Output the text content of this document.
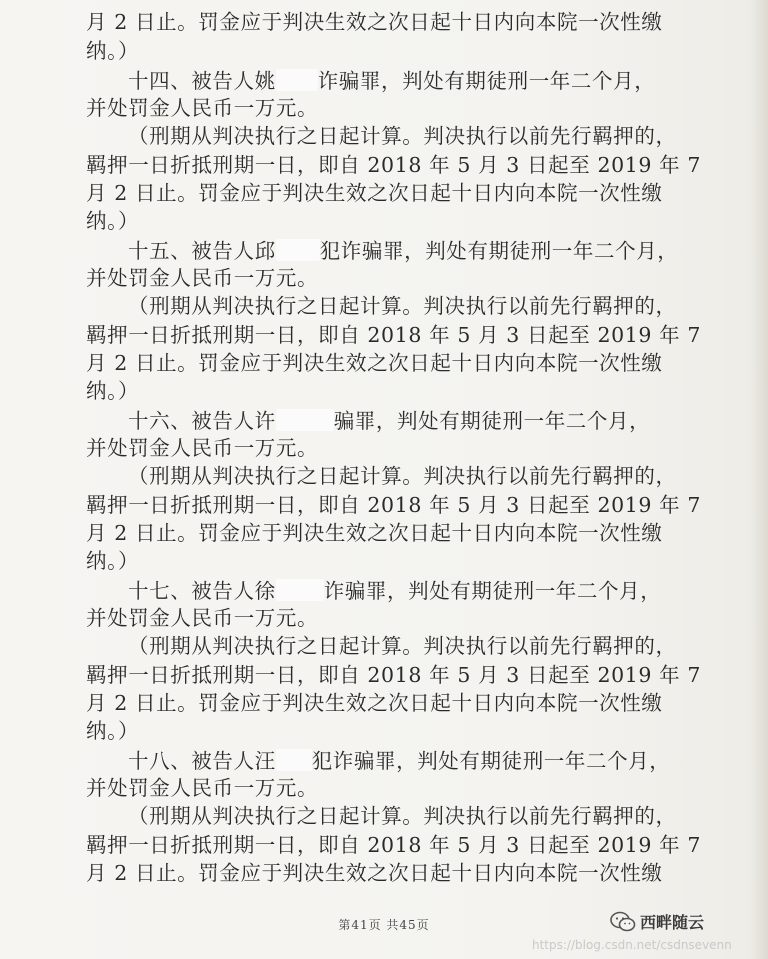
月 2 日止。罚金应于判决生效之次日起十日内向本院一次性缴
纳。）
十四、被告人姚 诈骗罪，判处有期徒刑一年二个月，
并处罚金人民币一万元。
（刑期从判决执行之日起计算。判决执行以前先行羁押的，
羁押一日折抵刑期一日，即自 2018 年 5 月 3 日起至 2019 年 7
月 2 日止。罚金应于判决生效之次日起十日内向本院一次性缴
纳。）
十五、被告人邱 犯诈骗罪，判处有期徒刑一年二个月，
并处罚金人民币一万元。
（刑期从判决执行之日起计算。判决执行以前先行羁押的，
羁押一日折抵刑期一日，即自 2018 年 5 月 3 日起至 2019 年 7
月 2 日止。罚金应于判决生效之次日起十日内向本院一次性缴
纳。）
十六、被告人许	骗罪，判处有期徒刑一年二个月，
并处罚金人民币一万元。
（刑期从判决执行之日起计算。判决执行以前先行羁押的，
羁押一日折抵刑期一日，即自 2018 年 5 月 3 日起至 2019 年 7
月 2 日止。罚金应于判决生效之次日起十日内向本院一次性缴
纳。）
十七、被告人徐 诈骗罪，判处有期徒刑一年二个月，
并处罚金人民币一万元。
（刑期从判决执行之日起计算。判决执行以前先行羁押的，
羁押一日折抵刑期一日，即自 2018 年 5 月 3 日起至 2019 年 7
月 2 日止。罚金应于判决生效之次日起十日内向本院一次性缴
纳。）
十八、被告人汪 犯诈骗罪，判处有期徒刑一年二个月，
并处罚金人民币一万元。
（刑期从判决执行之日起计算。判决执行以前先行羁押的，
羁押一日折抵刑期一日，即自 2018 年 5 月 3 日起至 2019 年 7
月 2 日止。罚金应于判决生效之次日起十日内向本院一次性缴
第41页 共45页	西畔随云
https://blog.csdn.net/csdnsevenn
